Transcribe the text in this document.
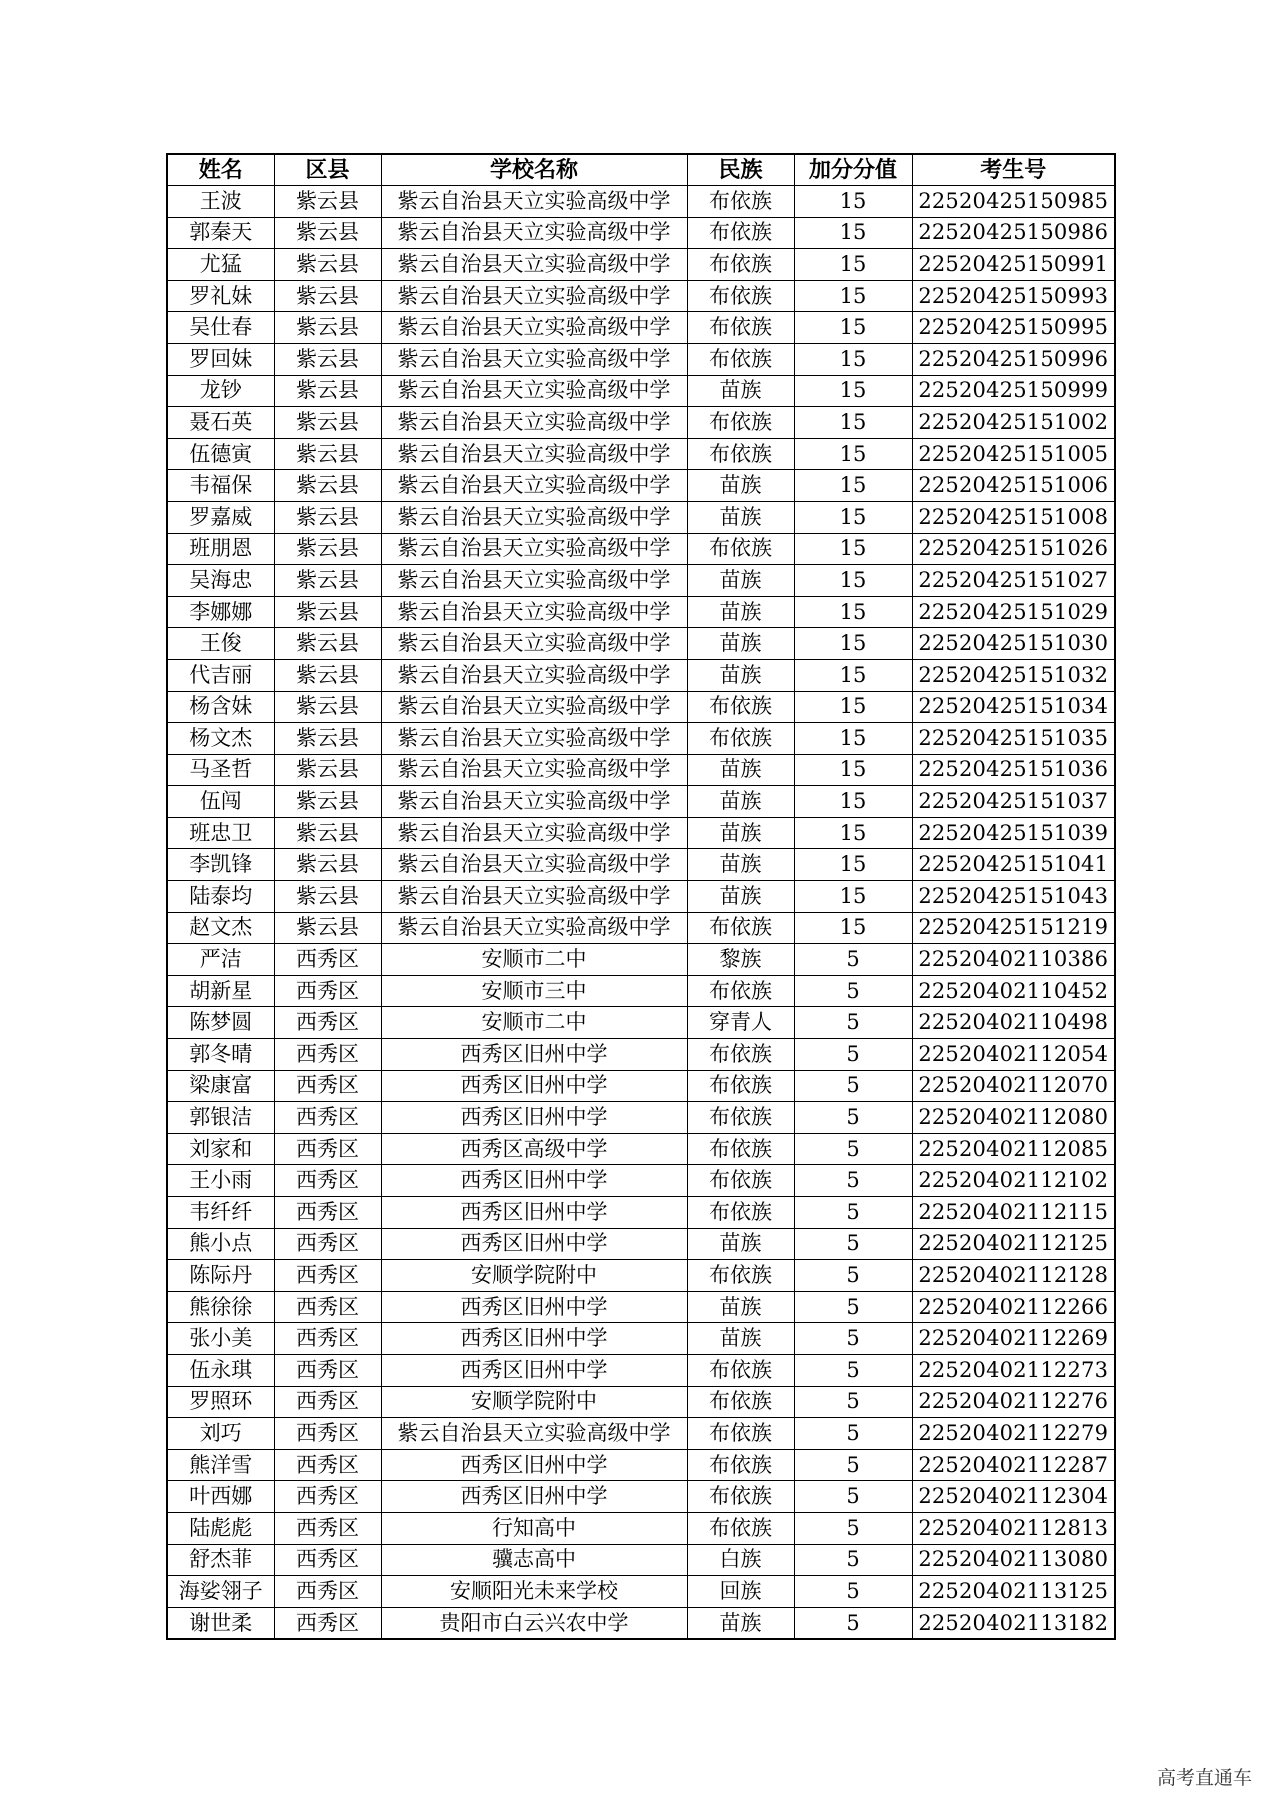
姓名	区县	学校名称	民族	加分分值	考生号
王波	紫云县	紫云自治县天立实验高级中学	布依族	15	22520425150985
郭秦天	紫云县	紫云自治县天立实验高级中学	布依族	15	22520425150986
尤猛	紫云县	紫云自治县天立实验高级中学	布依族	15	22520425150991
罗礼妹	紫云县	紫云自治县天立实验高级中学	布依族	15	22520425150993
吴仕春	紫云县	紫云自治县天立实验高级中学	布依族	15	22520425150995
罗回妹	紫云县	紫云自治县天立实验高级中学	布依族	15	22520425150996
龙钞	紫云县	紫云自治县天立实验高级中学	苗族	15	22520425150999
聂石英	紫云县	紫云自治县天立实验高级中学	布依族	15	22520425151002
伍德寅	紫云县	紫云自治县天立实验高级中学	布依族	15	22520425151005
韦福保	紫云县	紫云自治县天立实验高级中学	苗族	15	22520425151006
罗嘉威	紫云县	紫云自治县天立实验高级中学	苗族	15	22520425151008
班朋恩	紫云县	紫云自治县天立实验高级中学	布依族	15	22520425151026
吴海忠	紫云县	紫云自治县天立实验高级中学	苗族	15	22520425151027
李娜娜	紫云县	紫云自治县天立实验高级中学	苗族	15	22520425151029
王俊	紫云县	紫云自治县天立实验高级中学	苗族	15	22520425151030
代吉丽	紫云县	紫云自治县天立实验高级中学	苗族	15	22520425151032
杨含妹	紫云县	紫云自治县天立实验高级中学	布依族	15	22520425151034
杨文杰	紫云县	紫云自治县天立实验高级中学	布依族	15	22520425151035
马圣哲	紫云县	紫云自治县天立实验高级中学	苗族	15	22520425151036
伍闯	紫云县	紫云自治县天立实验高级中学	苗族	15	22520425151037
班忠卫	紫云县	紫云自治县天立实验高级中学	苗族	15	22520425151039
李凯锋	紫云县	紫云自治县天立实验高级中学	苗族	15	22520425151041
陆泰均	紫云县	紫云自治县天立实验高级中学	苗族	15	22520425151043
赵文杰	紫云县	紫云自治县天立实验高级中学	布依族	15	22520425151219
严洁	西秀区	安顺市二中	黎族	5	22520402110386
胡新星	西秀区	安顺市三中	布依族	5	22520402110452
陈梦圆	西秀区	安顺市二中	穿青人	5	22520402110498
郭冬晴	西秀区	西秀区旧州中学	布依族	5	22520402112054
梁康富	西秀区	西秀区旧州中学	布依族	5	22520402112070
郭银洁	西秀区	西秀区旧州中学	布依族	5	22520402112080
刘家和	西秀区	西秀区高级中学	布依族	5	22520402112085
王小雨	西秀区	西秀区旧州中学	布依族	5	22520402112102
韦纤纤	西秀区	西秀区旧州中学	布依族	5	22520402112115
熊小点	西秀区	西秀区旧州中学	苗族	5	22520402112125
陈际丹	西秀区	安顺学院附中	布依族	5	22520402112128
熊徐徐	西秀区	西秀区旧州中学	苗族	5	22520402112266
张小美	西秀区	西秀区旧州中学	苗族	5	22520402112269
伍永琪	西秀区	西秀区旧州中学	布依族	5	22520402112273
罗照环	西秀区	安顺学院附中	布依族	5	22520402112276
刘巧	西秀区	紫云自治县天立实验高级中学	布依族	5	22520402112279
熊洋雪	西秀区	西秀区旧州中学	布依族	5	22520402112287
叶西娜	西秀区	西秀区旧州中学	布依族	5	22520402112304
陆彪彪	西秀区	行知高中	布依族	5	22520402112813
舒杰菲	西秀区	骥志高中	白族	5	22520402113080
海娑翎子	西秀区	安顺阳光未来学校	回族	5	22520402113125
谢世柔	西秀区	贵阳市白云兴农中学	苗族	5	22520402113182
高考直通车
